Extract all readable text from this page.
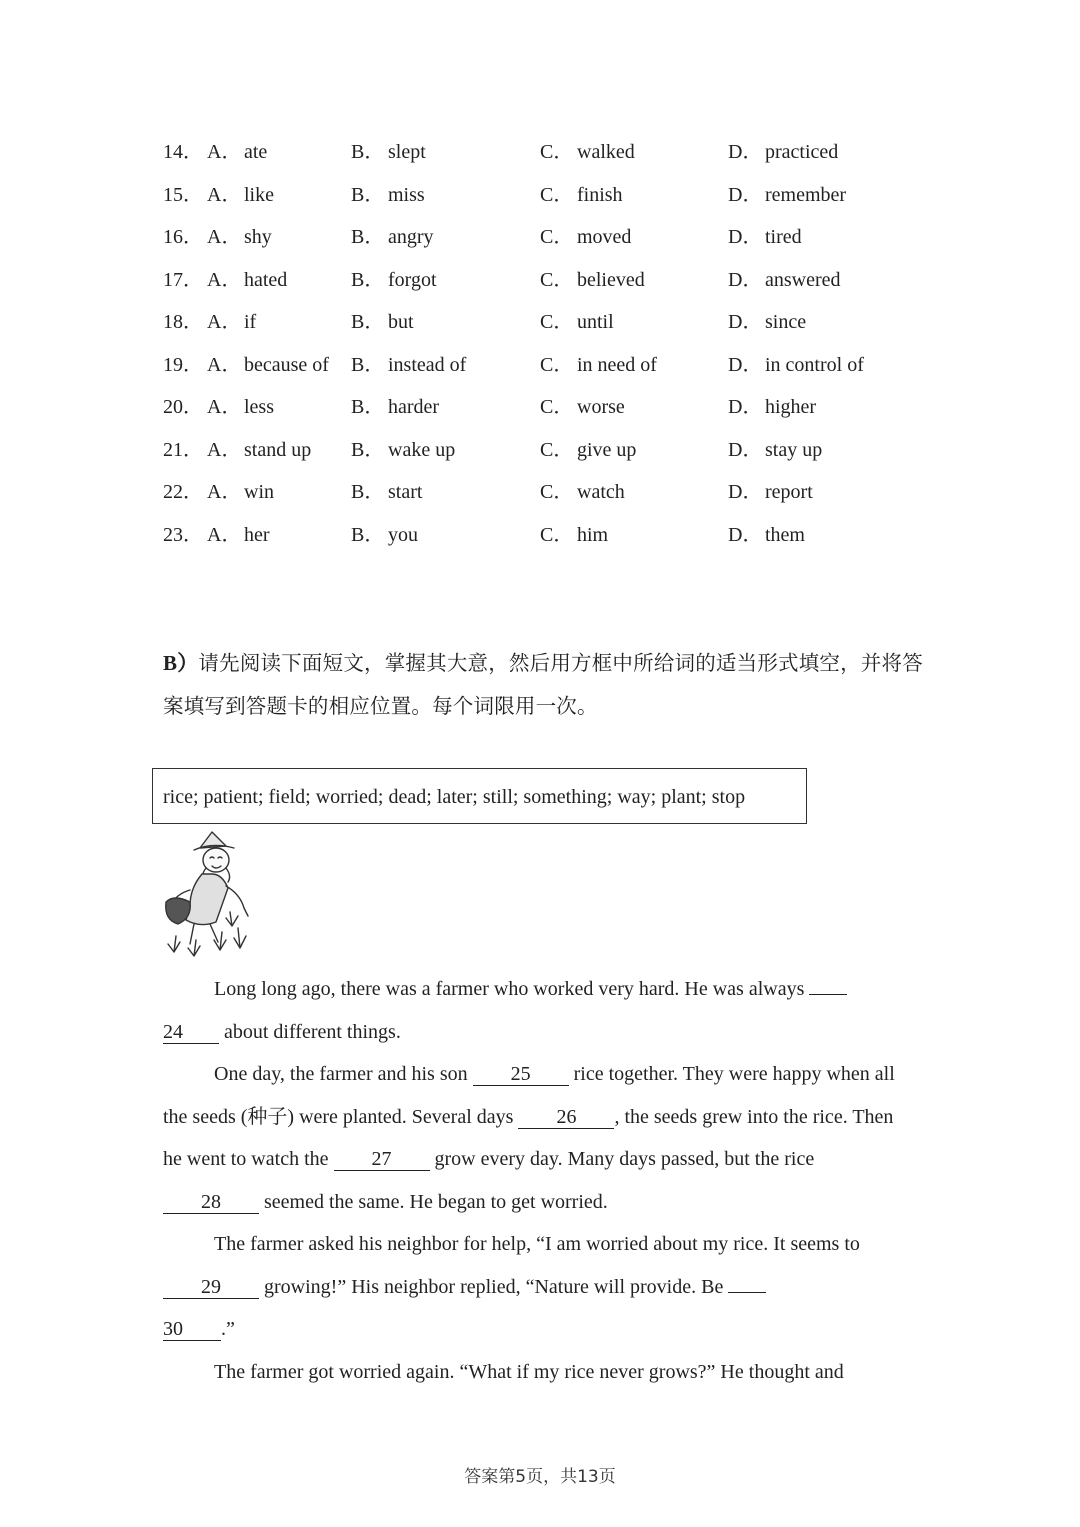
14． A． ate	B． slept	C． walked	D． practiced
15． A． like	B． miss	C． finish	D． remember
16． A． shy	B． angry	C． moved	D． tired
17． A． hated	B． forgot	C． believed	D． answered
18． A． if	B． but	C． until	D． since
19． A． because of B． instead of	C． in need of	D． in control of
20． A． less	B． harder	C． worse	D． higher
21． A． stand up B． wake up	C． give up	D． stay up
22． A． win	B． start	C． watch	D． report
23． A． her	B． you	C． him	D． them
B）请先阅读下面短文，掌握其大意，然后用方框中所给词的适当形式填空，并将答案填写到答题卡的相应位置。每个词限用一次。
rice; patient; field; worried; dead; later; still; something; way; plant; stop

Long long ago, there was a farmer who worked very hard. He was always
24 about different things.

One day, the farmer and his son 25 rice together. They were happy when all the seeds (种子) were planted. Several days 26 , the seeds grew into the rice. Then he went to watch the 27 grow every day. Many days passed, but the rice 28 seemed the same. He began to get worried.

The farmer asked his neighbor for help, “I am worried about my rice. It seems to 29 growing!” His neighbor replied, “Nature will provide. Be
30 .”

The farmer got worried again. “What if my rice never grows?” He thought and

答案第5页，共13页
